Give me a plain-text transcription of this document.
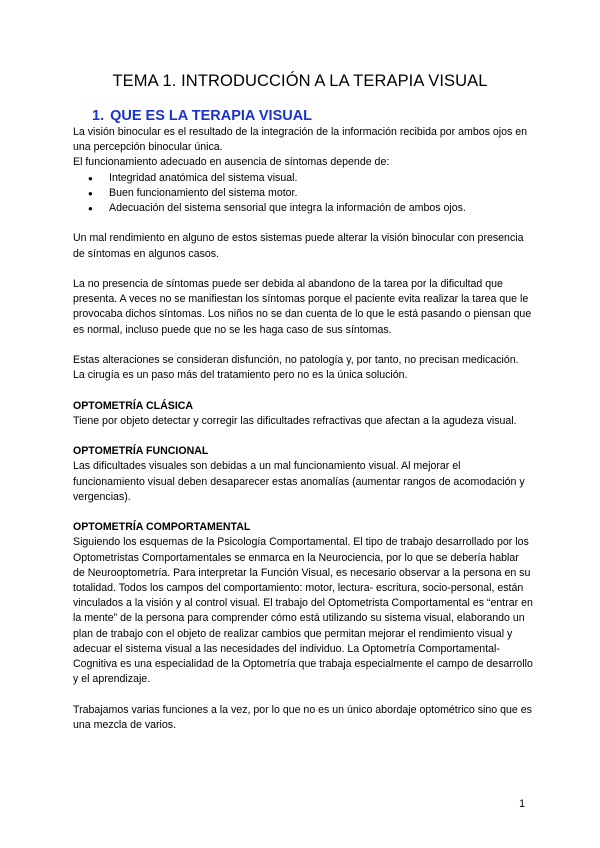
TEMA 1. INTRODUCCIÓN A LA TERAPIA VISUAL
1. QUE ES LA TERAPIA VISUAL

La visión binocular es el resultado de la integración de la información recibida por ambos ojos en una percepción binocular única.

El funcionamiento adecuado en ausencia de síntomas depende de:

● Integridad anatómica del sistema visual.
● Buen funcionamiento del sistema motor.
● Adecuación del sistema sensorial que integra la información de ambos ojos.

Un mal rendimiento en alguno de estos sistemas puede alterar la visión binocular con presencia de síntomas en algunos casos.

La no presencia de síntomas puede ser debida al abandono de la tarea por la dificultad que presenta. A veces no se manifiestan los síntomas porque el paciente evita realizar la tarea que le provocaba dichos síntomas. Los niños no se dan cuenta de lo que le está pasando o piensan que es normal, incluso puede que no se les haga caso de sus síntomas.

Estas alteraciones se consideran disfunción, no patología y, por tanto, no precisan medicación. La cirugía es un paso más del tratamiento pero no es la única solución.

OPTOMETRÍA CLÁSICA

Tiene por objeto detectar y corregir las dificultades refractivas que afectan a la agudeza visual.

OPTOMETRÍA FUNCIONAL

Las dificultades visuales son debidas a un mal funcionamiento visual. Al mejorar el funcionamiento visual deben desaparecer estas anomalías (aumentar rangos de acomodación y vergencias).

OPTOMETRÍA COMPORTAMENTAL

Siguiendo los esquemas de la Psicología Comportamental. El tipo de trabajo desarrollado por los Optometristas Comportamentales se enmarca en la Neurociencia, por lo que se debería hablar de Neurooptometría. Para interpretar la Función Visual, es necesario observar a la persona en su totalidad. Todos los campos del comportamiento: motor, lectura- escritura, socio-personal, están vinculados a la visión y al control visual. El trabajo del Optometrista Comportamental es “entrar en la mente” de la persona para comprender cómo está utilizando su sistema visual, elaborando un plan de trabajo con el objeto de realizar cambios que permitan mejorar el rendimiento visual y adecuar el sistema visual a las necesidades del individuo. La Optometría Comportamental-Cognitiva es una especialidad de la Optometría que trabaja especialmente el campo de desarrollo y el aprendizaje.

Trabajamos varias funciones a la vez, por lo que no es un único abordaje optométrico sino que es una mezcla de varios.

1
